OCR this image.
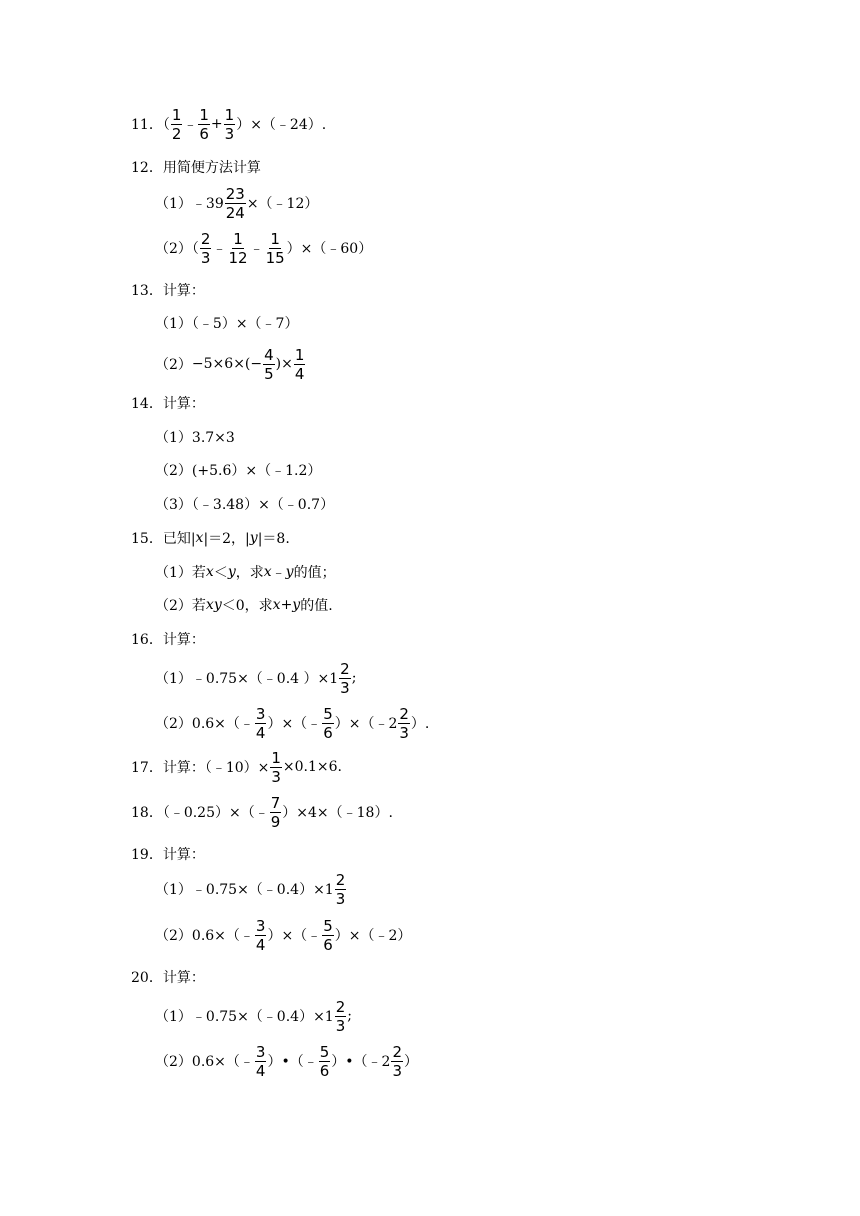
11．（ $\frac{1}{2}$ ﹣ $\frac{1}{6} + \frac{1}{3}$ ）×（﹣24）.
12．用简便方法计算
（1）﹣39 $\frac{23}{24}$ ×（﹣12）
$(2)( \frac{2}{3}$ ﹣ $\frac{1}{12}$ ﹣ $\frac{1}{15}$ ）×（﹣60）
13．计算：
（1）（﹣5）×（﹣7）
$(2) -5\times 6\times(- \frac{4}{5}$ )× $\frac{1}{4}$
14．计算：
（1）3.7×3
（2）(+5.6）×（﹣1.2）
（3）（﹣3.48）×（﹣0.7）
15．已知| x |＝2，| y |＝8.
（1）若 x ＜ y ，求 x ﹣ y 的值；
（2）若 xy ＜0，求 x + y 的值.
16．计算：
（1）﹣0.75×（﹣0.4 ）$\times 1 \frac{2}{3}$ ;
（2）0.6×（﹣ $\frac{3}{4}$ ）×（﹣ $\frac{5}{6}$ ）×（﹣2 $\frac{2}{3}$ ）.
17．计算：（﹣10）× $\frac{1}{3} \times 0.1\times 6$.
18．（﹣0.25）×（﹣ $\frac{7}{9}$ ）×4×（﹣18）.
19．计算：
（1）﹣0.75×（﹣0.4）×1 $\frac{2}{3}$
（2）0.6×（﹣ $\frac{3}{4}$ ）×（﹣ $\frac{5}{6}$ ）×（﹣2）
20．计算：
（1）﹣0.75×（﹣0.4）×1 $\frac{2}{3}$ ;
（2）0.6×（﹣ $\frac{3}{4}$ ）•（﹣ $\frac{5}{6}$ ）•（﹣2 $\frac{2}{3}$ ）
